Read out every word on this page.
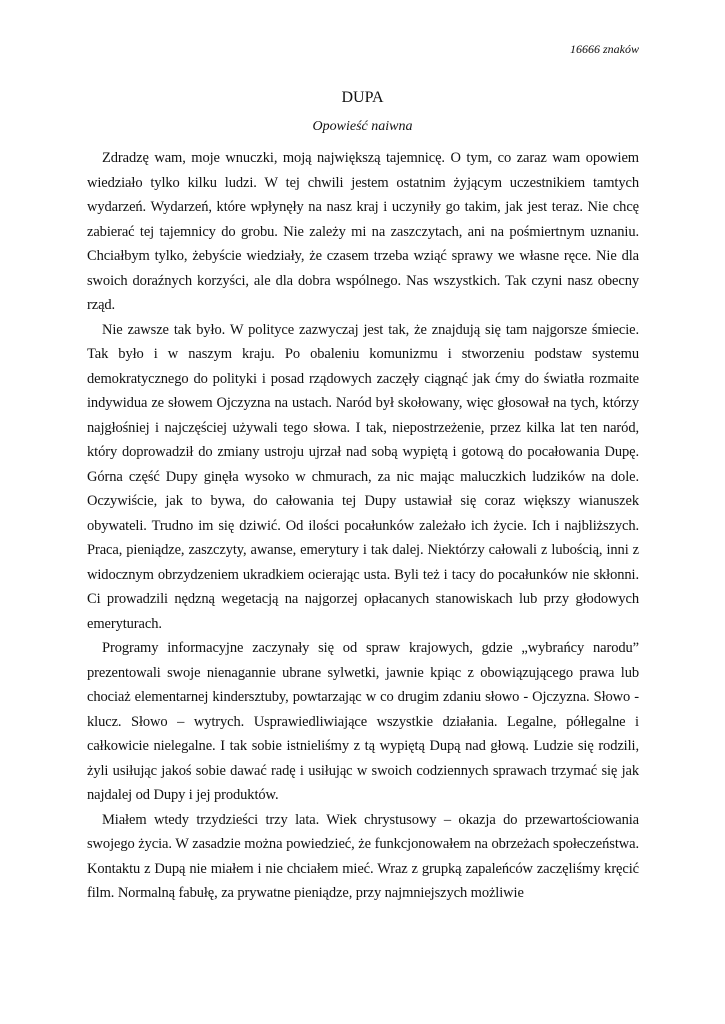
16666 znaków

DUPA

Opowieść naiwna

Zdradzę wam, moje wnuczki, moją największą tajemnicę. O tym, co zaraz wam opowiem wiedziało tylko kilku ludzi. W tej chwili jestem ostatnim żyjącym uczestnikiem tamtych wydarzeń. Wydarzeń, które wpłynęły na nasz kraj i uczyniły go takim, jak jest teraz. Nie chcę zabierać tej tajemnicy do grobu. Nie zależy mi na zaszczytach, ani na pośmiertnym uznaniu. Chciałbym tylko, żebyście wiedziały, że czasem trzeba wziąć sprawy we własne ręce. Nie dla swoich doraźnych korzyści, ale dla dobra wspólnego. Nas wszystkich. Tak czyni nasz obecny rząd.

Nie zawsze tak było. W polityce zazwyczaj jest tak, że znajdują się tam najgorsze śmiecie. Tak było i w naszym kraju. Po obaleniu komunizmu i stworzeniu podstaw systemu demokratycznego do polityki i posad rządowych zaczęły ciągnąć jak ćmy do światła rozmaite indywidua ze słowem Ojczyzna na ustach. Naród był skołowany, więc głosował na tych, którzy najgłośniej i najczęściej używali tego słowa. I tak, niepostrzeżenie, przez kilka lat ten naród, który doprowadził do zmiany ustroju ujrzał nad sobą wypiętą i gotową do pocałowania Dupę. Górna część Dupy ginęła wysoko w chmurach, za nic mając maluczkich ludzików na dole. Oczywiście, jak to bywa, do całowania tej Dupy ustawiał się coraz większy wianuszek obywateli. Trudno im się dziwić. Od ilości pocałunków zależało ich życie. Ich i najbliższych. Praca, pieniądze, zaszczyty, awanse, emerytury i tak dalej. Niektórzy całowali z lubością, inni z widocznym obrzydzeniem ukradkiem ocierając usta. Byli też i tacy do pocałunków nie skłonni. Ci prowadzili nędzną wegetacją na najgorzej opłacanych stanowiskach lub przy głodowych emeryturach.

Programy informacyjne zaczynały się od spraw krajowych, gdzie „wybrańcy narodu” prezentowali swoje nienagannie ubrane sylwetki, jawnie kpiąc z obowiązującego prawa lub chociaż elementarnej kindersztuby, powtarzając w co drugim zdaniu słowo - Ojczyzna. Słowo - klucz. Słowo – wytrych. Usprawiedliwiające wszystkie działania. Legalne, półlegalne i całkowicie nielegalne. I tak sobie istnieliśmy z tą wypiętą Dupą nad głową. Ludzie się rodzili, żyli usiłując jakoś sobie dawać radę i usiłując w swoich codziennych sprawach trzymać się jak najdalej od Dupy i jej produktów.

Miałem wtedy trzydzieści trzy lata. Wiek chrystusowy – okazja do przewartościowania swojego życia. W zasadzie można powiedzieć, że funkcjonowałem na obrzeżach społeczeństwa. Kontaktu z Dupą nie miałem i nie chciałem mieć. Wraz z grupką zapaleńców zaczęliśmy kręcić film. Normalną fabułę, za prywatne pieniądze, przy najmniejszych możliwie
